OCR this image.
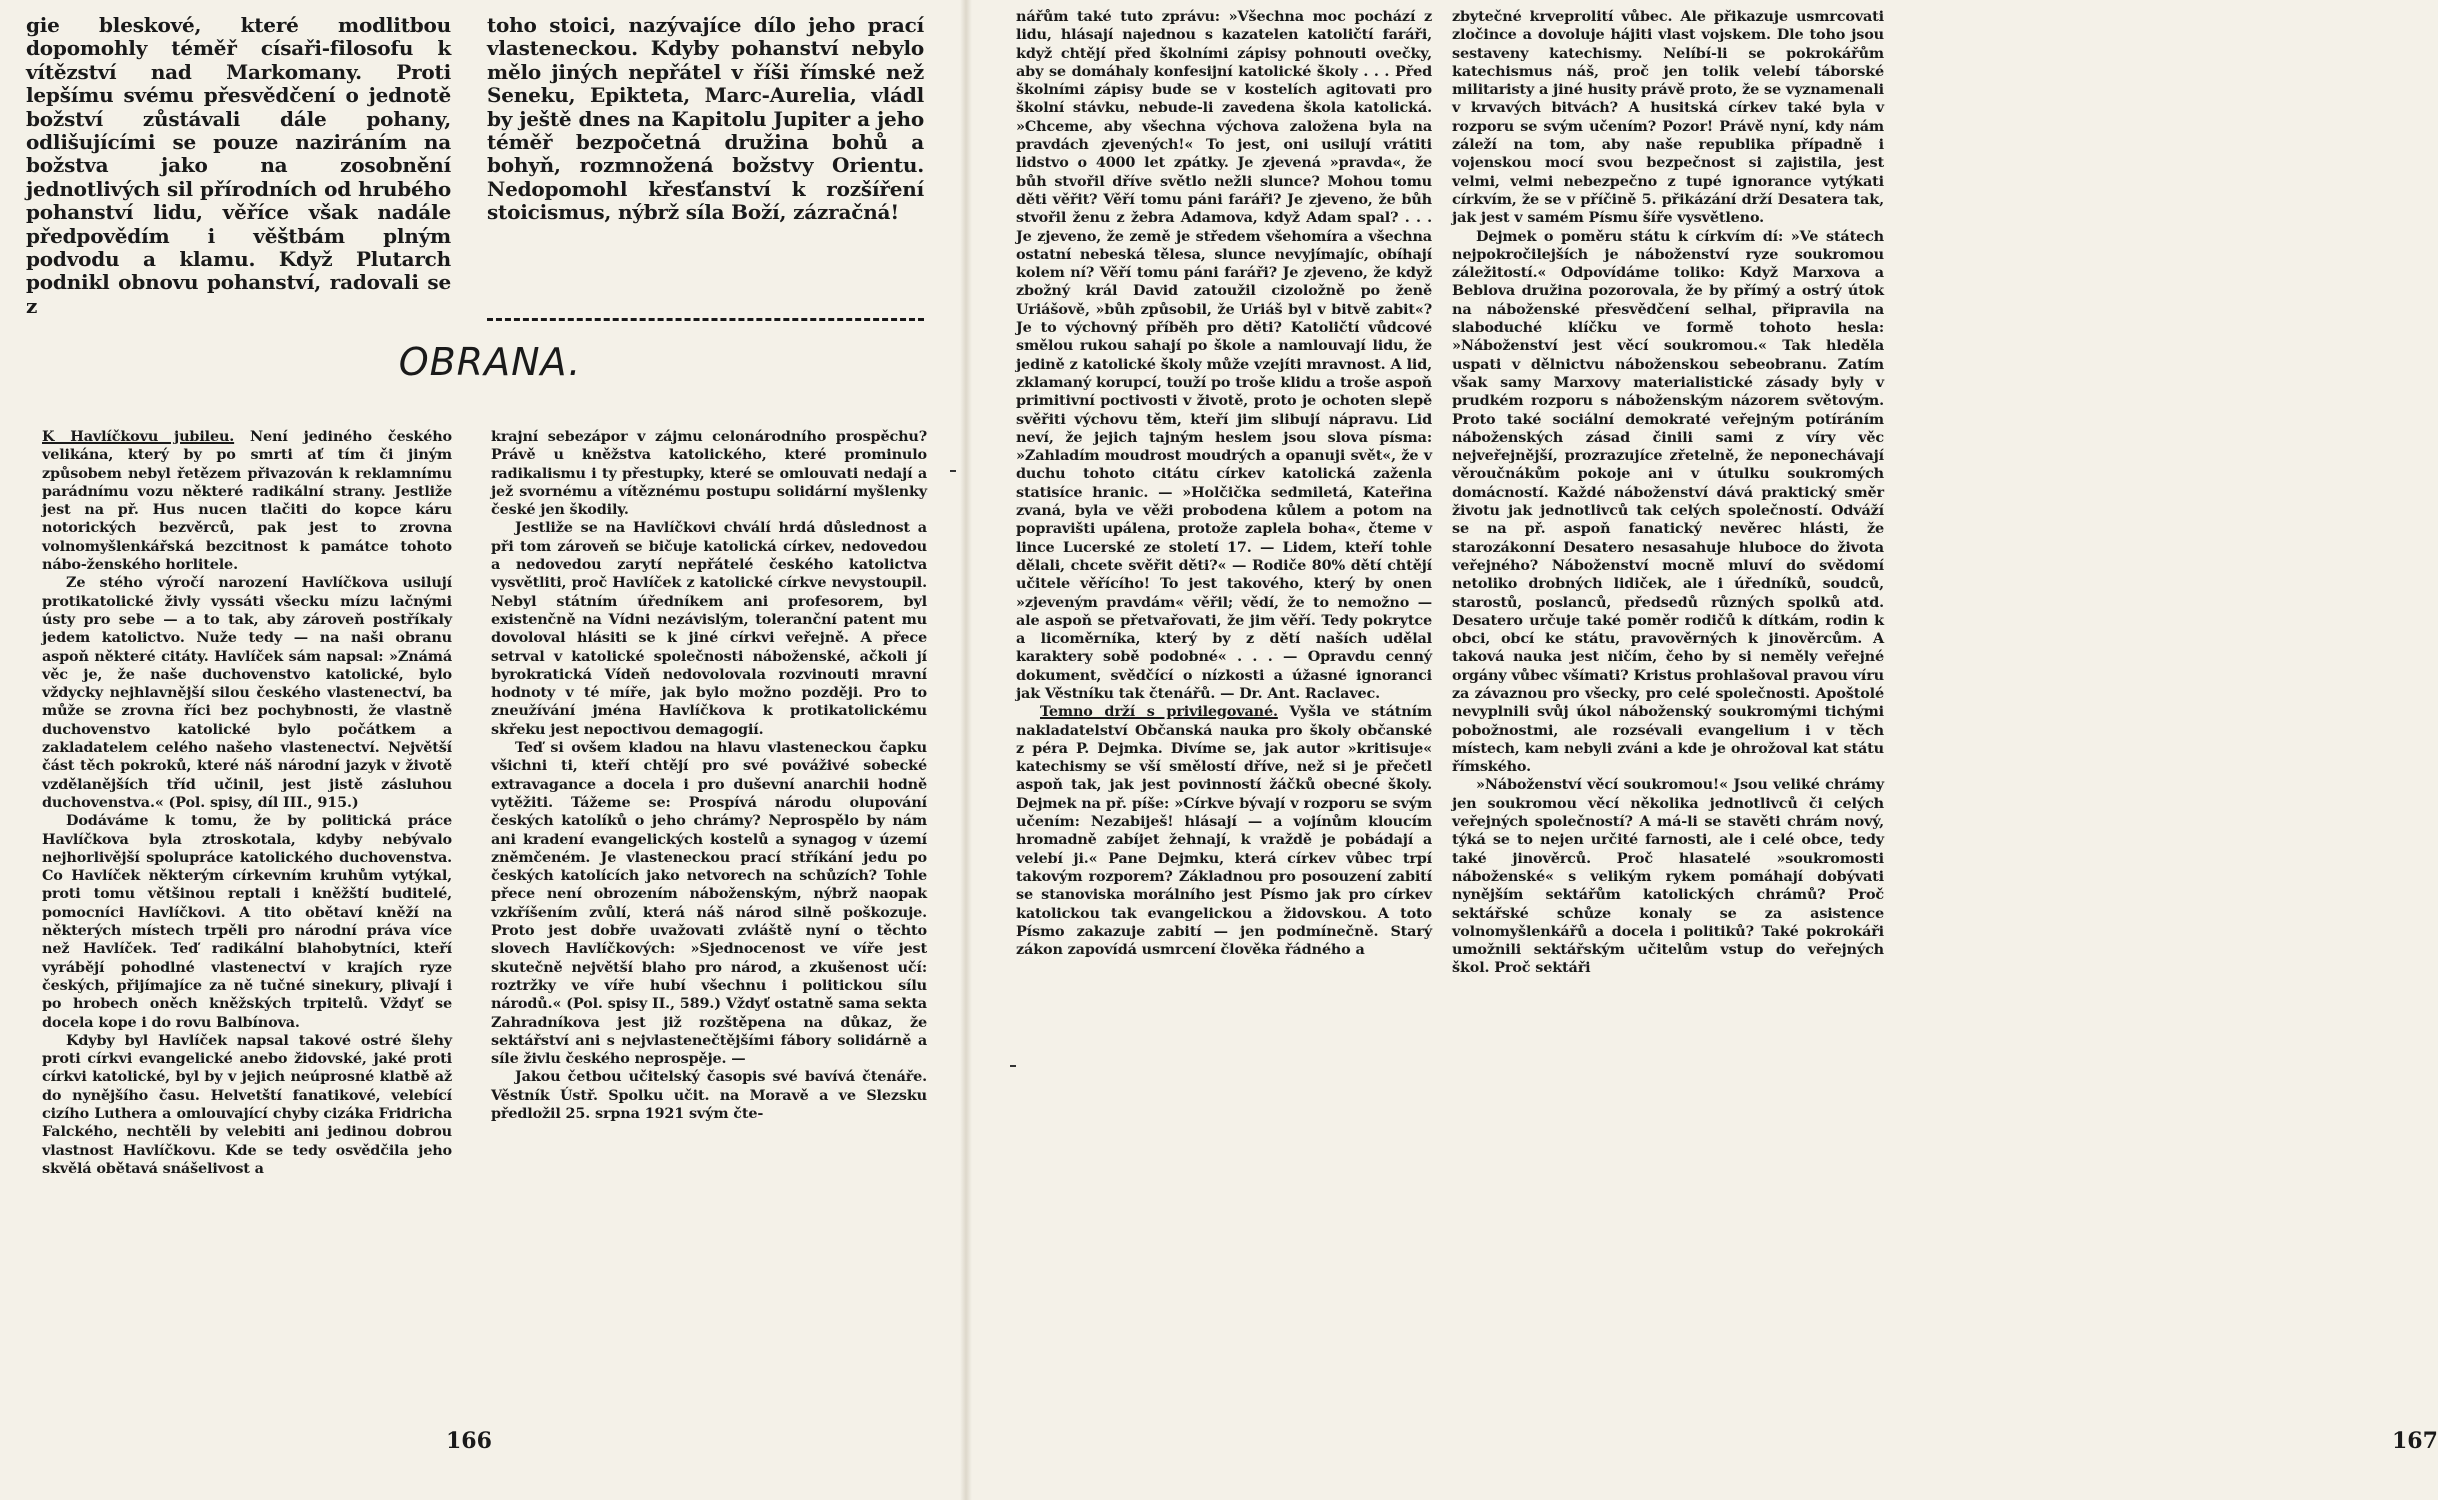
gie bleskové, které modlitbou dopomohly téměř císaři-filosofu k vítězství nad Markomany. Proti lepšímu svému přesvědčení o jednotě božství zůstávali dále pohany, odlišujícími se pouze naziráním na božstva jako na zosobnění jednotlivých sil přírodních od hrubého pohanství lidu, věříce však nadále předpovědím i věštbám plným podvodu a klamu. Když Plutarch podnikl obnovu pohanství, radovali se z

toho stoici, nazývajíce dílo jeho prací vlasteneckou. Kdyby pohanství nebylo mělo jiných nepřátel v říši římské než Seneku, Epikteta, Marc-Aurelia, vládl by ještě dnes na Kapitolu Jupiter a jeho téměř bezpočetná družina bohů a bohyň, rozmnožená božstvy Orientu. Nedopomohl křesťanství k rozšíření stoicismus, nýbrž síla Boží, zázračná!

OBRANA.

K Havlíčkovu jubileu. Není jediného českého velikána, který by po smrti ať tím či jiným způsobem nebyl řetězem přivazován k reklamnímu parádnímu vozu některé radikální strany. Jestliže jest na př. Hus nucen tlačiti do kopce káru notorických bezvěrců, pak jest to zrovna volnomyšlenkářská bezcitnost k památce tohoto nábo-ženského horlitele.

Ze stého výročí narození Havlíčkova usilují protikatolické živly vyssáti všecku mízu lačnými ústy pro sebe — a to tak, aby zároveň postříkaly jedem katolictvo. Nuže tedy — na naši obranu aspoň některé citáty. Havlíček sám napsal: »Známá věc je, že naše duchovenstvo katolické, bylo vždycky nejhlavnější silou českého vlastenectví, ba může se zrovna říci bez pochybnosti, že vlastně duchovenstvo katolické bylo počátkem a zakladatelem celého našeho vlastenectví. Největší část těch pokroků, které náš národní jazyk v životě vzdělanějších tříd učinil, jest jistě zásluhou duchovenstva.« (Pol. spisy, díl III., 915.)

Dodáváme k tomu, že by politická práce Havlíčkova byla ztroskotala, kdyby nebývalo nejhorlivější spolupráce katolického duchovenstva. Co Havlíček některým církevním kruhům vytýkal, proti tomu většinou reptali i kněžští buditelé, pomocníci Havlíčkovi. A tito obětaví kněží na některých místech trpěli pro národní práva více než Havlíček. Teď radikální blahobytníci, kteří vyrábějí pohodlné vlastenectví v krajích ryze českých, přijímajíce za ně tučné sinekury, plivají i po hrobech oněch kněžských trpitelů. Vždyť se docela kope i do rovu Balbínova.

Kdyby byl Havlíček napsal takové ostré šlehy proti církvi evangelické anebo židovské, jaké proti církvi katolické, byl by v jejich neúprosné klatbě až do nynějšího času. Helvetští fanatikové, velebící cizího Luthera a omlouvající chyby cizáka Fridricha Falckého, nechtěli by velebiti ani jedinou dobrou vlastnost Havlíčkovu. Kde se tedy osvědčila jeho skvělá obětavá snášelivost a

krajní sebezápor v zájmu celonárodního prospěchu? Právě u kněžstva katolického, které prominulo radikalismu i ty přestupky, které se omlouvati nedají a jež svornému a vítěznému postupu solidární myšlenky české jen škodily.

Jestliže se na Havlíčkovi chválí hrdá důslednost a při tom zároveň se bičuje katolická církev, nedovedou a nedovedou zarytí nepřátelé českého katolictva vysvětliti, proč Havlíček z katolické církve nevystoupil. Nebyl státním úředníkem ani profesorem, byl existenčně na Vídni nezávislým, toleranční patent mu dovoloval hlásiti se k jiné církvi veřejně. A přece setrval v katolické společnosti náboženské, ačkoli jí byrokratická Vídeň nedovolovala rozvinouti mravní hodnoty v té míře, jak bylo možno později. Pro to zneužívání jména Havlíčkova k protikatolickému skřeku jest nepoctivou demagogií.

Teď si ovšem kladou na hlavu vlasteneckou čapku všichni ti, kteří chtějí pro své pováživé sobecké extravagance a docela i pro duševní anarchii hodně vytěžiti. Tážeme se: Prospívá národu olupování českých katolíků o jeho chrámy? Neprospělo by nám ani kradení evangelických kostelů a synagog v území zněmčeném. Je vlasteneckou prací stříkání jedu po českých katolících jako netvorech na schůzích? Tohle přece není obrozením náboženským, nýbrž naopak vzkříšením zvůlí, která náš národ silně poškozuje. Proto jest dobře uvažovati zvláště nyní o těchto slovech Havlíčkových: »Sjednocenost ve víře jest skutečně největší blaho pro národ, a zkušenost učí: roztržky ve víře hubí všechnu i politickou sílu národů.« (Pol. spisy II., 589.) Vždyť ostatně sama sekta Zahradníkova jest již rozštěpena na důkaz, že sektářství ani s nejvlastenečtějšími fábory solidárně a síle živlu českého neprospěje. —

Jakou četbou učitelský časopis své bavívá čtenáře. Věstník Ústř. Spolku učit. na Moravě a ve Slezsku předložil 25. srpna 1921 svým čte-

166

nářům také tuto zprávu: »Všechna moc pochází z lidu, hlásají najednou s kazatelen katoličtí faráři, když chtějí před školními zápisy pohnouti ovečky, aby se domáhaly konfesijní katolické školy . . . Před školními zápisy bude se v kostelích agitovati pro školní stávku, nebude-li zavedena škola katolická. »Chceme, aby všechna výchova založena byla na pravdách zjevených!« To jest, oni usilují vrátiti lidstvo o 4000 let zpátky. Je zjevená »pravda«, že bůh stvořil dříve světlo nežli slunce? Mohou tomu děti věřit? Věří tomu páni faráři? Je zjeveno, že bůh stvořil ženu z žebra Adamova, když Adam spal? . . . Je zjeveno, že země je středem všehomíra a všechna ostatní nebeská tělesa, slunce nevyjímajíc, obíhají kolem ní? Věří tomu páni faráři? Je zjeveno, že když zbožný král David zatoužil cizoložně po ženě Uriášově, »bůh způsobil, že Uriáš byl v bitvě zabit«? Je to výchovný příběh pro děti? Katoličtí vůdcové smělou rukou sahají po škole a namlouvají lidu, že jedině z katolické školy může vzejíti mravnost. A lid, zklamaný korupcí, touží po troše klidu a troše aspoň primitivní poctivosti v životě, proto je ochoten slepě svěřiti výchovu těm, kteří jim slibují nápravu. Lid neví, že jejich tajným heslem jsou slova písma: »Zahladím moudrost moudrých a opanuji svět«, že v duchu tohoto citátu církev katolická zaženla statisíce hranic. — »Holčička sedmiletá, Kateřina zvaná, byla ve věži probodena kůlem a potom na popravišti upálena, protože zaplela boha«, čteme v lince Lucerské ze století 17. — Lidem, kteří tohle dělali, chcete svěřit děti?« — Rodiče 80% dětí chtějí učitele věřícího! To jest takového, který by onen »zjeveným pravdám« věřil; vědí, že to nemožno — ale aspoň se přetvařovati, že jim věří. Tedy pokrytce a licoměrníka, který by z dětí naších udělal karaktery sobě podobné« . . . — Opravdu cenný dokument, svědčící o nízkosti a úžasné ignoranci jak Věstníku tak čtenářů. — Dr. Ant. Raclavec.

Temno drží s privilegované. Vyšla ve státním nakladatelství Občanská nauka pro školy občanské z péra P. Dejmka. Divíme se, jak autor »kritisuje« katechismy se vší smělostí dříve, než si je přečetl aspoň tak, jak jest povinností žáčků obecné školy. Dejmek na př. píše: »Církve bývají v rozporu se svým učením: Nezabiješ! hlásají — a vojínům kloucím hromadně zabíjet žehnají, k vraždě je pobádají a velebí ji.« Pane Dejmku, která církev vůbec trpí takovým rozporem? Základnou pro posouzení zabití se stanoviska morálního jest Písmo jak pro církev katolickou tak evangelickou a židovskou. A toto Písmo zakazuje zabití — jen podmínečně. Starý zákon zapovídá usmrcení člověka řádného a

zbytečné krveprolití vůbec. Ale přikazuje usmrcovati zločince a dovoluje hájiti vlast vojskem. Dle toho jsou sestaveny katechismy. Nelíbí-li se pokrokářům katechismus náš, proč jen tolik velebí táborské militaristy a jiné husity právě proto, že se vyznamenali v krvavých bitvách? A husitská církev také byla v rozporu se svým učením? Pozor! Právě nyní, kdy nám záleží na tom, aby naše republika případně i vojenskou mocí svou bezpečnost si zajistila, jest velmi, velmi nebezpečno z tupé ignorance vytýkati církvím, že se v příčině 5. přikázání drží Desatera tak, jak jest v samém Písmu šíře vysvětleno.

Dejmek o poměru státu k církvím dí: »Ve státech nejpokročilejších je náboženství ryze soukromou záležitostí.« Odpovídáme toliko: Když Marxova a Beblova družina pozorovala, že by přímý a ostrý útok na náboženské přesvědčení selhal, připravila na slaboduché klíčku ve formě tohoto hesla: »Náboženství jest věcí soukromou.« Tak hleděla uspati v dělnictvu náboženskou sebeobranu. Zatím však samy Marxovy materialistické zásady byly v prudkém rozporu s náboženským názorem světovým. Proto také sociální demokraté veřejným potíráním náboženských zásad činili sami z víry věc nejveřejnější, prozrazujíce zřetelně, že neponechávají věroučnákům pokoje ani v útulku soukromých domácností. Každé náboženství dává praktický směr životu jak jednotlivců tak celých společností. Odváží se na př. aspoň fanatický nevěrec hlásti, že starozákonní Desatero nesasahuje hluboce do života veřejného? Náboženství mocně mluví do svědomí netoliko drobných lidiček, ale i úředníků, soudců, starostů, poslanců, předsedů různých spolků atd. Desatero určuje také poměr rodičů k dítkám, rodin k obci, obcí ke státu, pravověrných k jinověrcům. A taková nauka jest ničím, čeho by si neměly veřejné orgány vůbec všímati? Kristus prohlašoval pravou víru za závaznou pro všecky, pro celé společnosti. Apoštolé nevyplnili svůj úkol náboženský soukromými tichými pobožnostmi, ale rozsévali evangelium i v těch místech, kam nebyli zváni a kde je ohrožoval kat státu římského.

»Náboženství věcí soukromou!« Jsou veliké chrámy jen soukromou věcí několika jednotlivců či celých veřejných společností? A má-li se stavěti chrám nový, týká se to nejen určité farnosti, ale i celé obce, tedy také jinověrců. Proč hlasatelé »soukromosti náboženské« s velikým rykem pomáhají dobývati nynějším sektářům katolických chrámů? Proč sektářské schůze konaly se za asistence volnomyšlenkářů a docela i politiků? Také pokrokáři umožnili sektářským učitelům vstup do veřejných škol. Proč sektáři

167
